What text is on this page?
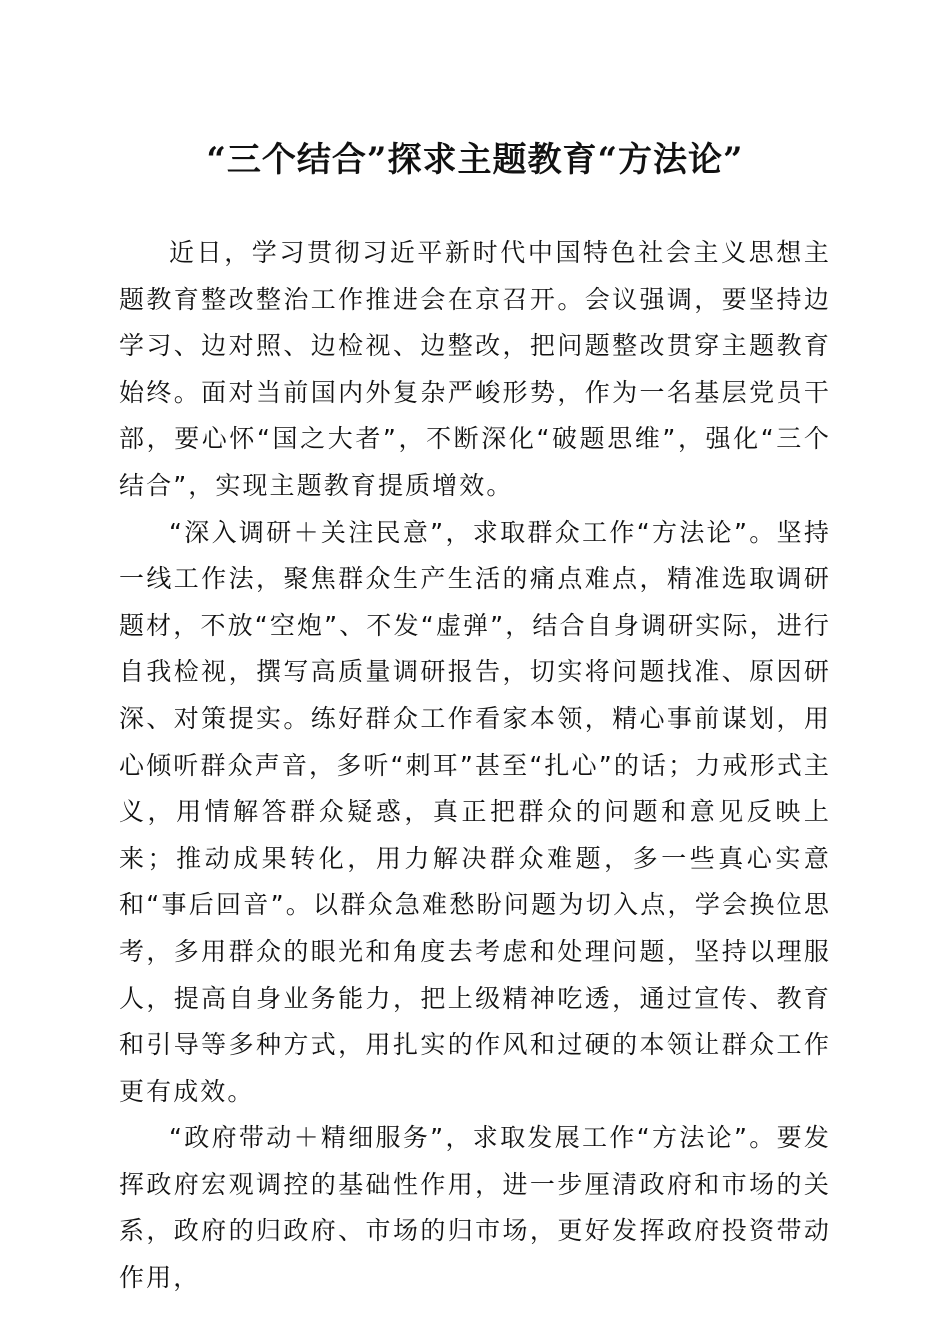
“三个结合”探求主题教育“方法论”

近日，学习贯彻习近平新时代中国特色社会主义思想主题教育整改整治工作推进会在京召开。会议强调，要坚持边学习、边对照、边检视、边整改，把问题整改贯穿主题教育始终。面对当前国内外复杂严峻形势，作为一名基层党员干部，要心怀“国之大者”，不断深化“破题思维”，强化“三个结合”，实现主题教育提质增效。

“深入调研＋关注民意”，求取群众工作“方法论”。坚持一线工作法，聚焦群众生产生活的痛点难点，精准选取调研题材，不放“空炮”、不发“虚弹”，结合自身调研实际，进行自我检视，撰写高质量调研报告，切实将问题找准、原因研深、对策提实。练好群众工作看家本领，精心事前谋划，用心倾听群众声音，多听“刺耳”甚至“扎心”的话；力戒形式主义，用情解答群众疑惑，真正把群众的问题和意见反映上来；推动成果转化，用力解决群众难题，多一些真心实意和“事后回音”。以群众急难愁盼问题为切入点，学会换位思考，多用群众的眼光和角度去考虑和处理问题，坚持以理服人，提高自身业务能力，把上级精神吃透，通过宣传、教育和引导等多种方式，用扎实的作风和过硬的本领让群众工作更有成效。

“政府带动＋精细服务”，求取发展工作“方法论”。要发挥政府宏观调控的基础性作用，进一步厘清政府和市场的关系，政府的归政府、市场的归市场，更好发挥政府投资带动作用，
